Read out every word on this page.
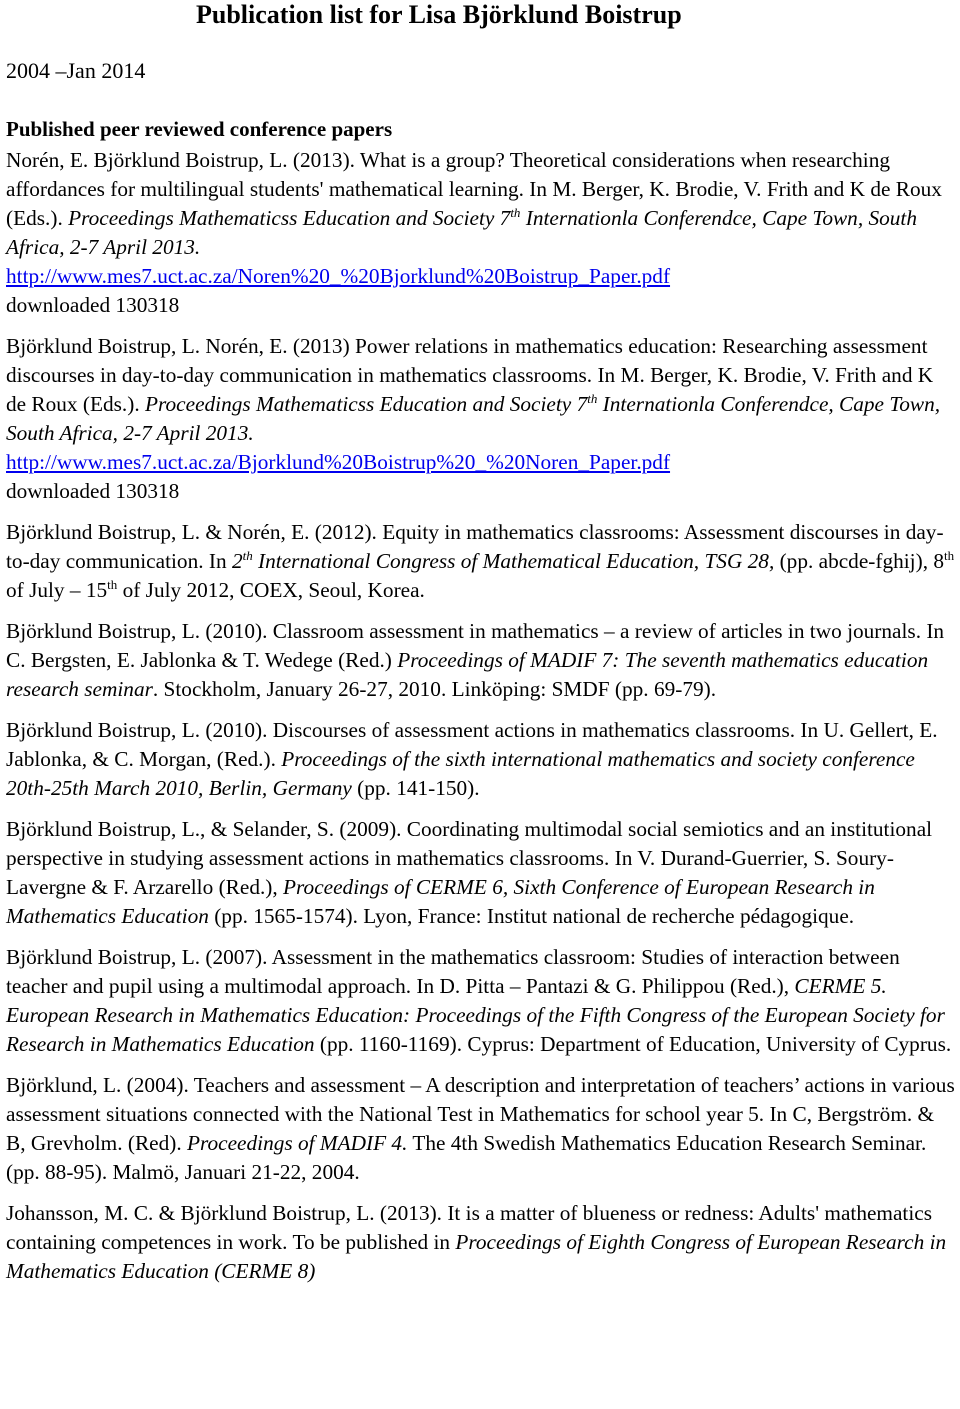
Publication list for Lisa Björklund Boistrup
2004 –Jan 2014
Published peer reviewed conference papers

Norén, E. Björklund Boistrup, L. (2013). What is a group? Theoretical considerations when researching affordances for multilingual students' mathematical learning. In M. Berger, K. Brodie, V. Frith and K de Roux (Eds.). Proceedings Mathematicss Education and Society 7th Internationla Conferendce, Cape Town, South Africa, 2-7 April 2013.
http://www.mes7.uct.ac.za/Noren%20_%20Bjorklund%20Boistrup_Paper.pdf
downloaded 130318

Björklund Boistrup, L. Norén, E. (2013) Power relations in mathematics education: Researching assessment discourses in day-to-day communication in mathematics classrooms. In M. Berger, K. Brodie, V. Frith and K de Roux (Eds.). Proceedings Mathematicss Education and Society 7th Internationla Conferendce, Cape Town, South Africa, 2-7 April 2013.
http://www.mes7.uct.ac.za/Bjorklund%20Boistrup%20_%20Noren_Paper.pdf
downloaded 130318

Björklund Boistrup, L. & Norén, E. (2012). Equity in mathematics classrooms: Assessment discourses in day-to-day communication. In 2th International Congress of Mathematical Education, TSG 28, (pp. abcde-fghij), 8th of July – 15th of July 2012, COEX, Seoul, Korea.

Björklund Boistrup, L. (2010). Classroom assessment in mathematics – a review of articles in two journals. In C. Bergsten, E. Jablonka & T. Wedege (Red.) Proceedings of MADIF 7: The seventh mathematics education research seminar. Stockholm, January 26-27, 2010. Linköping: SMDF (pp. 69-79).

Björklund Boistrup, L. (2010). Discourses of assessment actions in mathematics classrooms. In U. Gellert, E. Jablonka, & C. Morgan, (Red.). Proceedings of the sixth international mathematics and society conference 20th-25th March 2010, Berlin, Germany (pp. 141-150).

Björklund Boistrup, L., & Selander, S. (2009). Coordinating multimodal social semiotics and an institutional perspective in studying assessment actions in mathematics classrooms. In V. Durand-Guerrier, S. Soury-Lavergne & F. Arzarello (Red.), Proceedings of CERME 6, Sixth Conference of European Research in Mathematics Education (pp. 1565-1574). Lyon, France: Institut national de recherche pédagogique.

Björklund Boistrup, L. (2007). Assessment in the mathematics classroom: Studies of interaction between teacher and pupil using a multimodal approach. In D. Pitta – Pantazi & G. Philippou (Red.), CERME 5. European Research in Mathematics Education: Proceedings of the Fifth Congress of the European Society for Research in Mathematics Education (pp. 1160-1169). Cyprus: Department of Education, University of Cyprus.

Björklund, L. (2004). Teachers and assessment – A description and interpretation of teachers’ actions in various assessment situations connected with the National Test in Mathematics for school year 5. In C, Bergström. & B, Grevholm. (Red). Proceedings of MADIF 4. The 4th Swedish Mathematics Education Research Seminar. (pp. 88-95). Malmö, Januari 21-22, 2004.

Johansson, M. C. & Björklund Boistrup, L. (2013). It is a matter of blueness or redness: Adults' mathematics containing competences in work. To be published in Proceedings of Eighth Congress of European Research in Mathematics Education (CERME 8)
